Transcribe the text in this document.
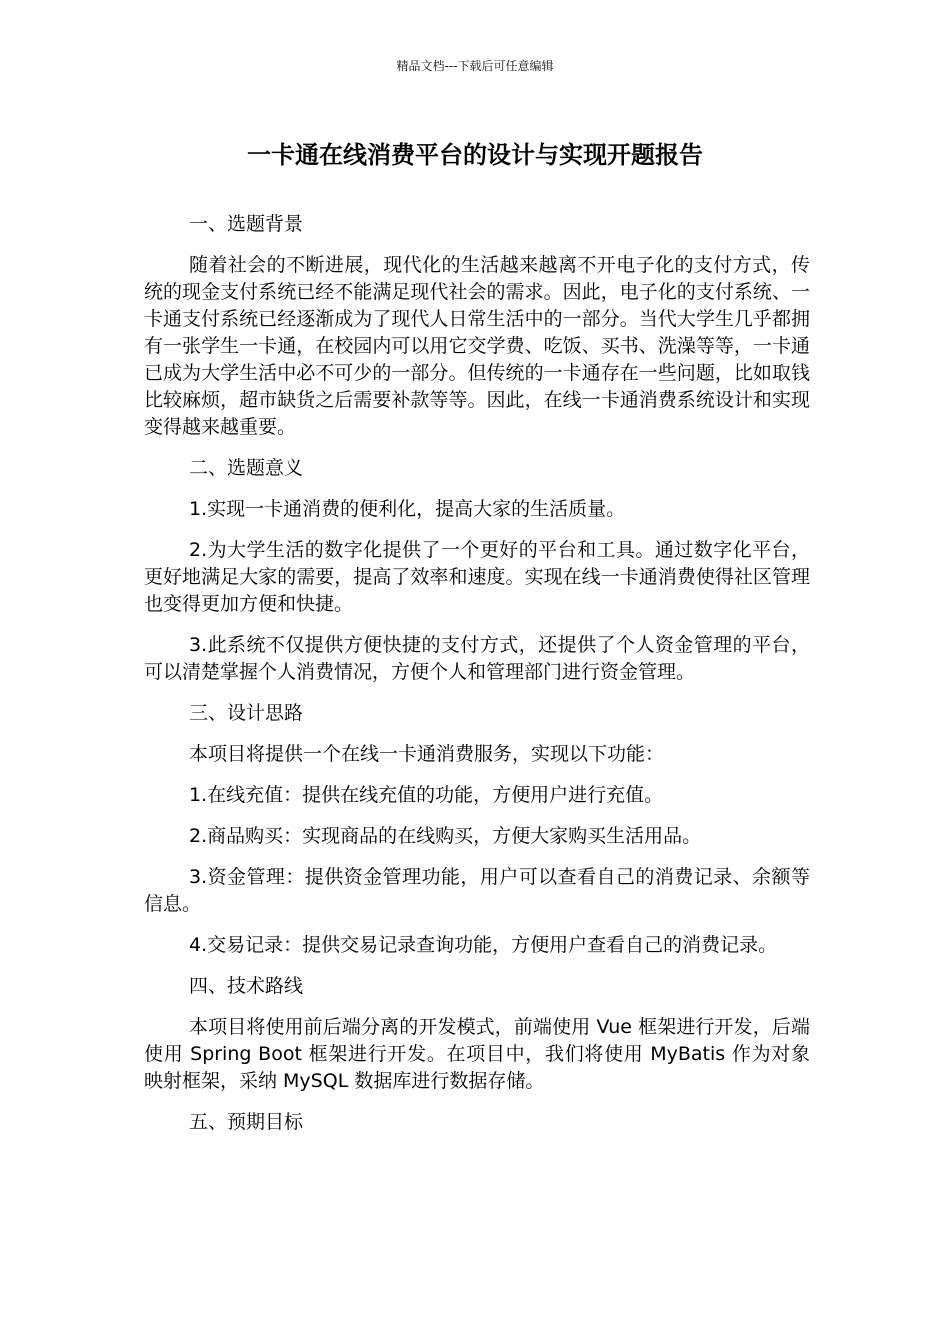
精品文档---下载后可任意编辑
一卡通在线消费平台的设计与实现开题报告

一、选题背景

随着社会的不断进展，现代化的生活越来越离不开电子化的支付方式，传统的现金支付系统已经不能满足现代社会的需求。因此，电子化的支付系统、一卡通支付系统已经逐渐成为了现代人日常生活中的一部分。当代大学生几乎都拥有一张学生一卡通，在校园内可以用它交学费、吃饭、买书、洗澡等等，一卡通已成为大学生活中必不可少的一部分。但传统的一卡通存在一些问题，比如取钱比较麻烦，超市缺货之后需要补款等等。因此，在线一卡通消费系统设计和实现变得越来越重要。

二、选题意义

1.实现一卡通消费的便利化，提高大家的生活质量。

2.为大学生活的数字化提供了一个更好的平台和工具。通过数字化平台，更好地满足大家的需要，提高了效率和速度。实现在线一卡通消费使得社区管理也变得更加方便和快捷。

3.此系统不仅提供方便快捷的支付方式，还提供了个人资金管理的平台，可以清楚掌握个人消费情况，方便个人和管理部门进行资金管理。

三、设计思路

本项目将提供一个在线一卡通消费服务，实现以下功能：

1.在线充值：提供在线充值的功能，方便用户进行充值。

2.商品购买：实现商品的在线购买，方便大家购买生活用品。

3.资金管理：提供资金管理功能，用户可以查看自己的消费记录、余额等信息。

4.交易记录：提供交易记录查询功能，方便用户查看自己的消费记录。

四、技术路线

本项目将使用前后端分离的开发模式，前端使用 Vue 框架进行开发，后端使用 Spring Boot 框架进行开发。在项目中，我们将使用 MyBatis 作为对象映射框架，采纳 MySQL 数据库进行数据存储。

五、预期目标
